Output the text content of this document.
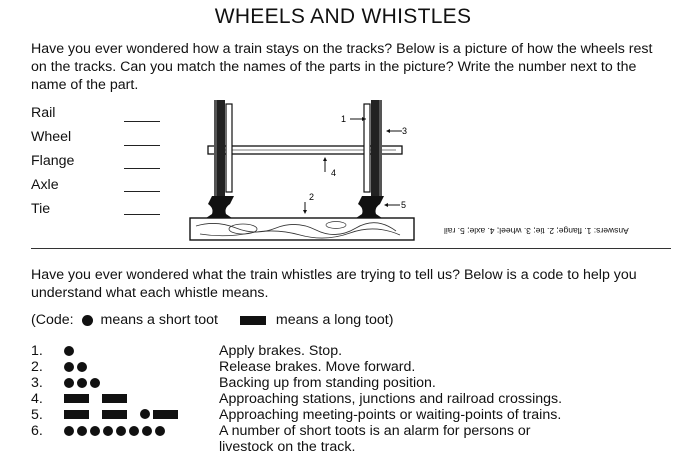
WHEELS AND WHISTLES
Have you ever wondered how a train stays on the tracks? Below is a picture of how the wheels rest on the tracks. Can you match the names of the parts in the picture? Write the number next to the name of the part.
Rail
Wheel
Flange
Axle
Tie
1
2
3
4
5
Answers: 1. flange; 2. tie; 3. wheel; 4. axle; 5. rail
Have you ever wondered what the train whistles are trying to tell us? Below is a code to help you understand what each whistle means.
(Code: means a short toot	means a long toot)
1.
2.
3.
4.
5.
6.
Apply brakes. Stop.
Release brakes. Move forward.
Backing up from standing position.
Approaching stations, junctions and railroad crossings.
Approaching meeting-points or waiting-points of trains.
A number of short toots is an alarm for persons or
livestock on the track.
